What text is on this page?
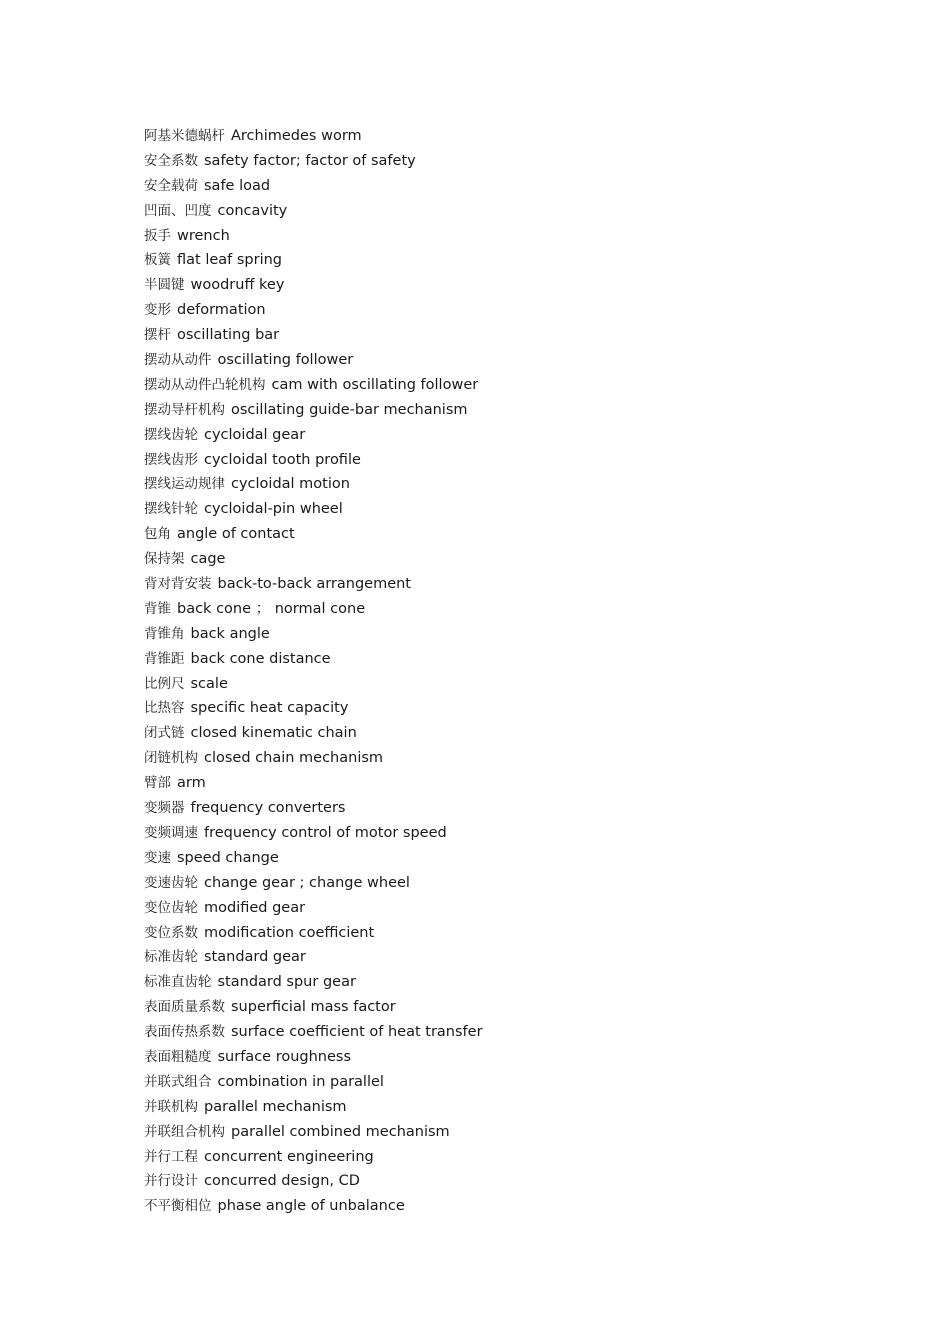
阿基米德蜗杆 Archimedes worm
安全系数 safety factor; factor of safety
安全载荷 safe load
凹面、凹度 concavity
扳手 wrench
板簧 flat leaf spring
半圆键 woodruff key
变形 deformation
摆杆 oscillating bar
摆动从动件 oscillating follower
摆动从动件凸轮机构 cam with oscillating follower
摆动导杆机构 oscillating guide-bar mechanism
摆线齿轮 cycloidal gear
摆线齿形 cycloidal tooth profile
摆线运动规律 cycloidal motion
摆线针轮 cycloidal-pin wheel
包角 angle of contact
保持架 cage
背对背安装 back-to-back arrangement
背锥 back cone ； normal cone
背锥角 back angle
背锥距 back cone distance
比例尺 scale
比热容 specific heat capacity
闭式链 closed kinematic chain
闭链机构 closed chain mechanism
臂部 arm
变频器 frequency converters
变频调速 frequency control of motor speed
变速 speed change
变速齿轮 change gear ; change wheel
变位齿轮 modified gear
变位系数 modification coefficient
标准齿轮 standard gear
标准直齿轮 standard spur gear
表面质量系数 superficial mass factor
表面传热系数 surface coefficient of heat transfer
表面粗糙度 surface roughness
并联式组合 combination in parallel
并联机构 parallel mechanism
并联组合机构 parallel combined mechanism
并行工程 concurrent engineering
并行设计 concurred design, CD
不平衡相位 phase angle of unbalance
